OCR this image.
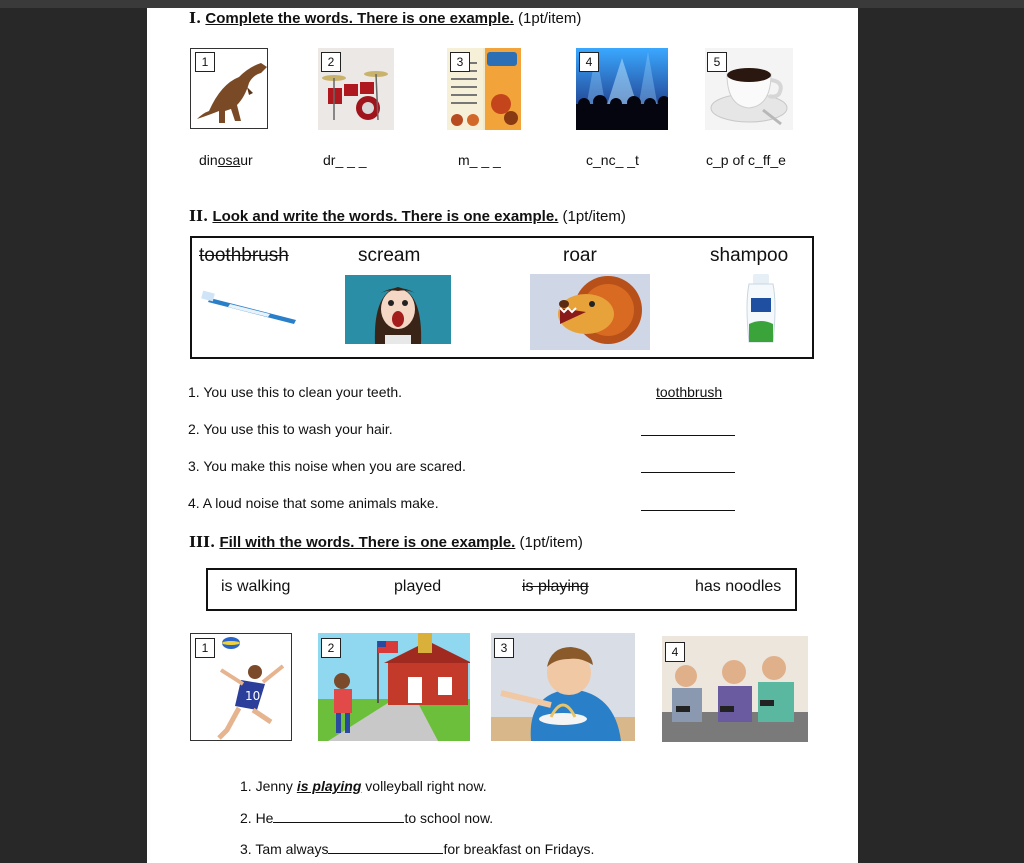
I. Complete the words. There is one example. (1pt/item)
1	2	3	4	5
dinosaur	dr_ _ _	m_ _ _	c_nc_ _t	c_p of c_ff_e
II. Look and write the words. There is one example. (1pt/item)
toothbrush	scream	roar	shampoo
1. You use this to clean your teeth.	toothbrush
2. You use this to wash your hair.
3. You make this noise when you are scared.
4. A loud noise that some animals make.
III. Fill with the words. There is one example. (1pt/item)
is walking	played	is playing	has noodles
10
1	2	3	4
1. Jenny is playing volleyball right now.
2. He	to school now.
3. Tam always	for breakfast on Fridays.
